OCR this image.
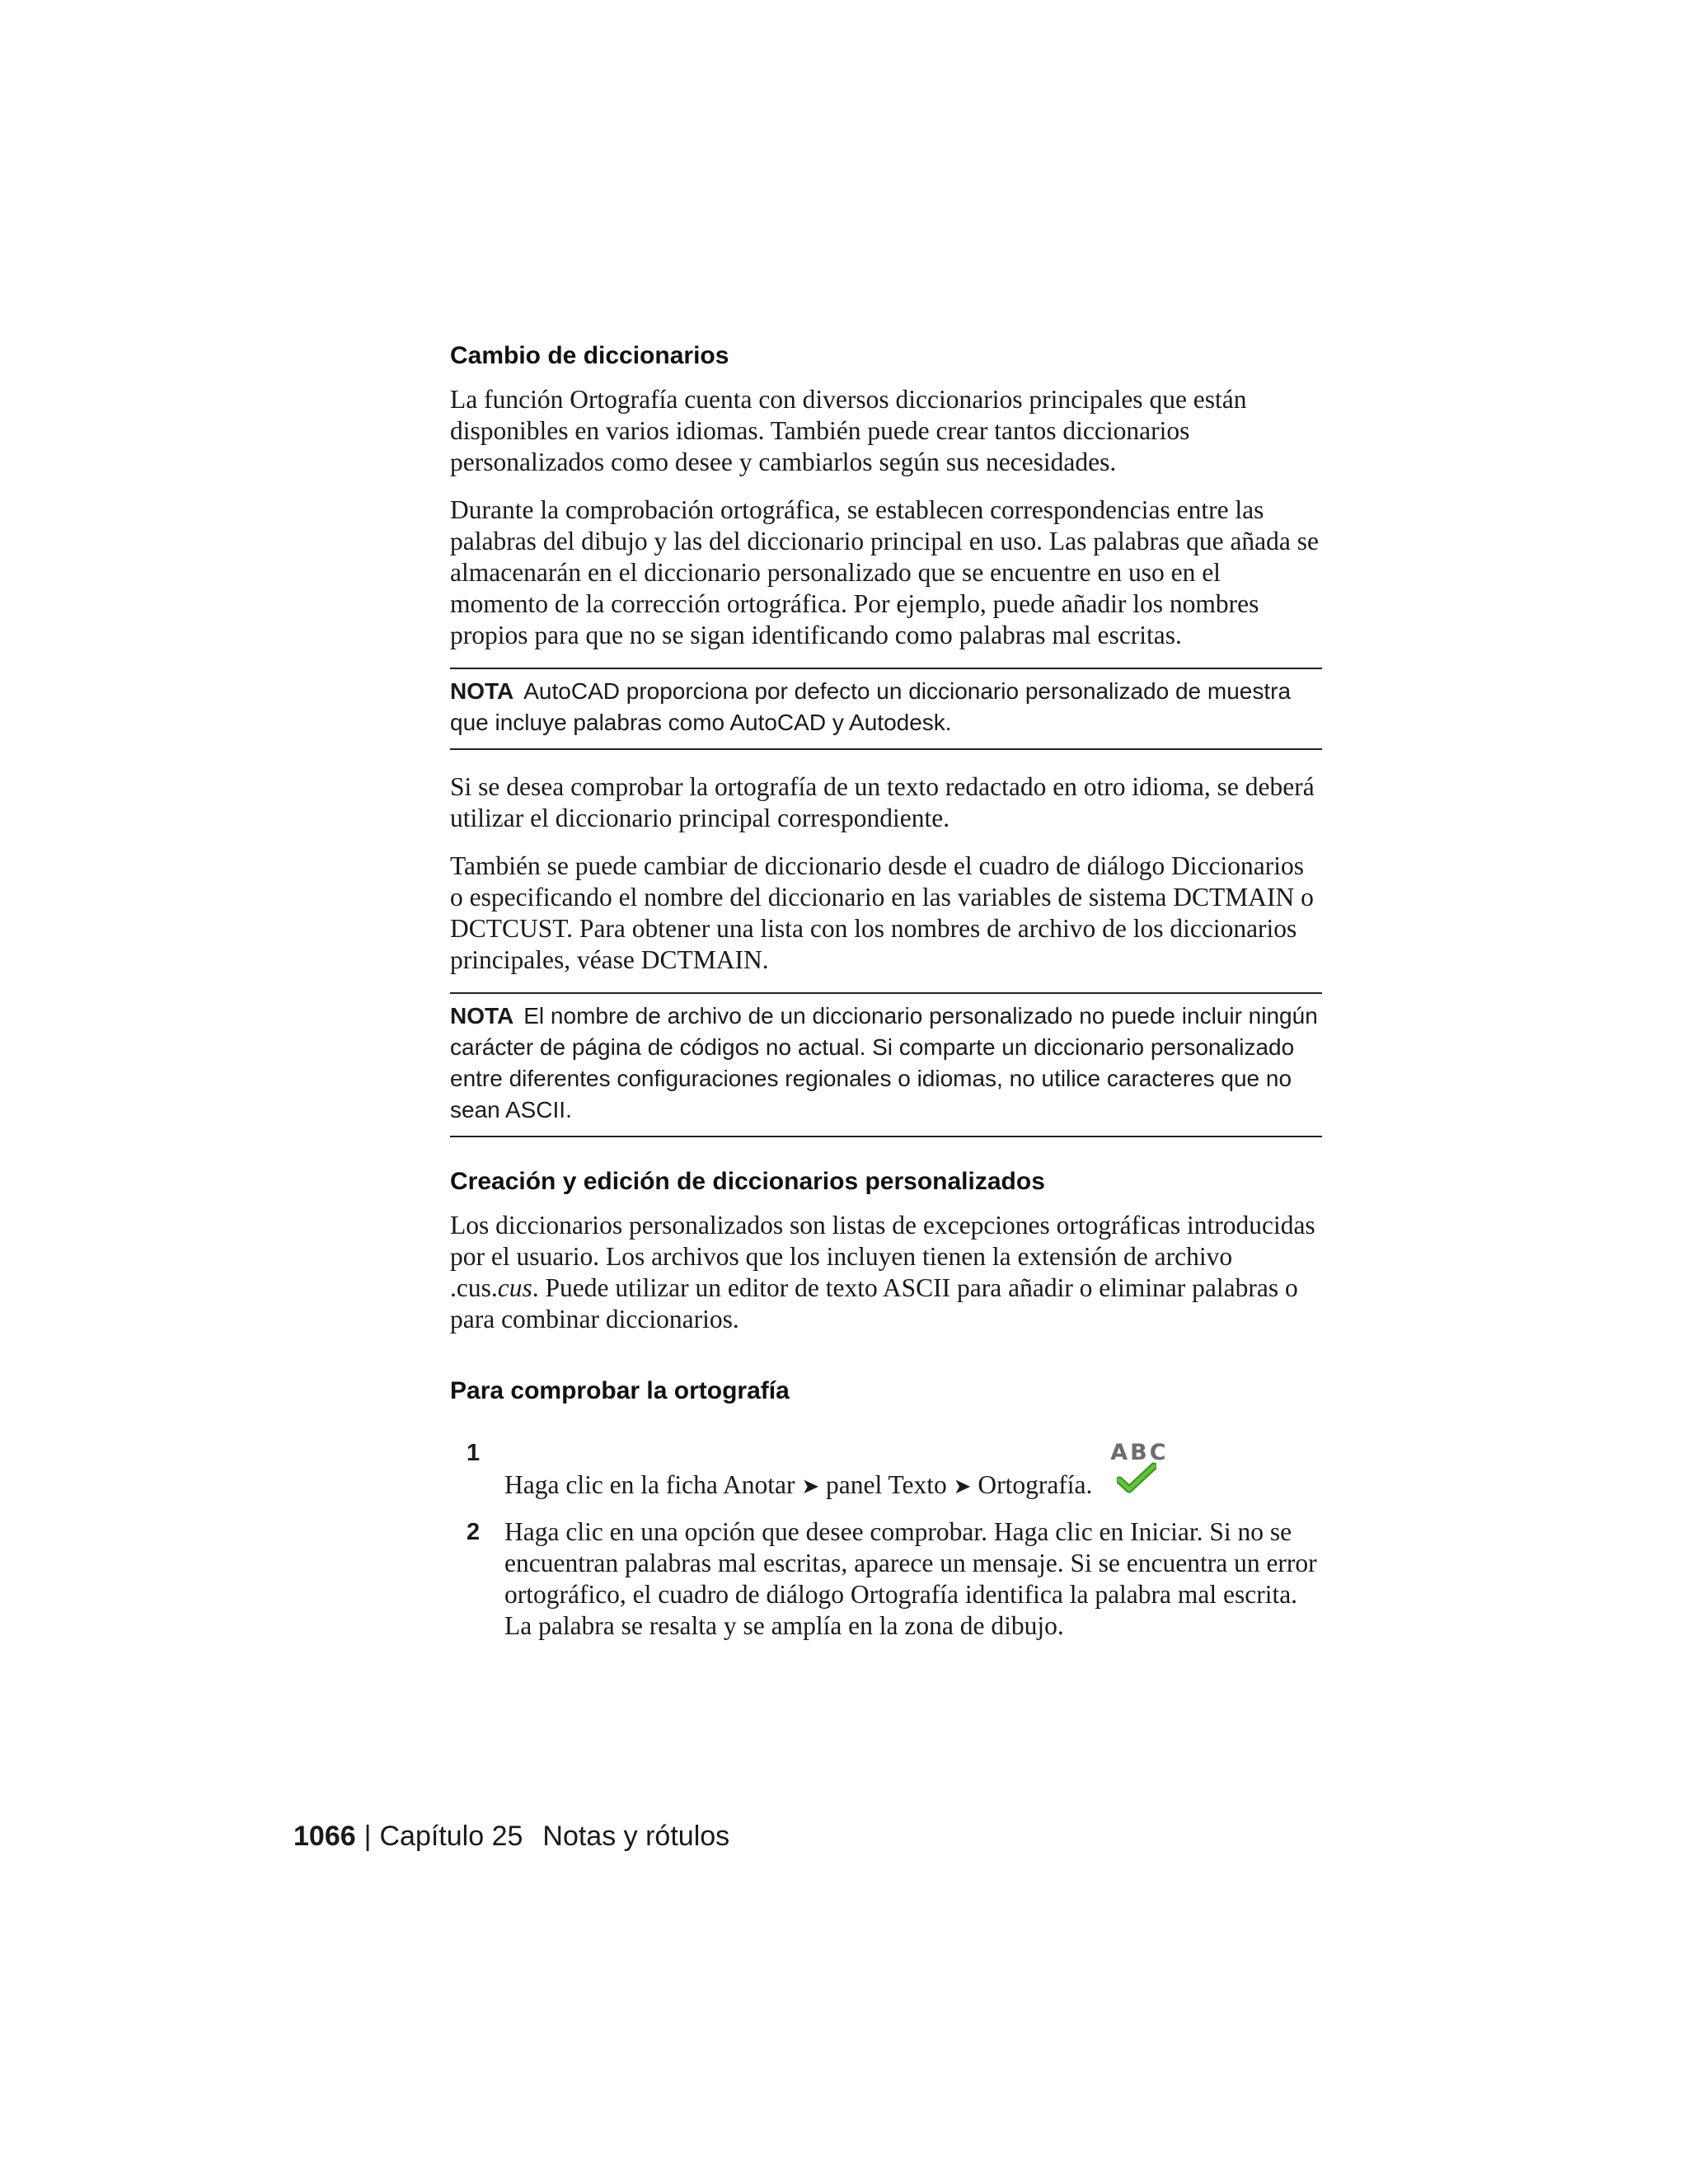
Cambio de diccionarios

La función Ortografía cuenta con diversos diccionarios principales que están disponibles en varios idiomas. También puede crear tantos diccionarios personalizados como desee y cambiarlos según sus necesidades.

Durante la comprobación ortográfica, se establecen correspondencias entre las palabras del dibujo y las del diccionario principal en uso. Las palabras que añada se almacenarán en el diccionario personalizado que se encuentre en uso en el momento de la corrección ortográfica. Por ejemplo, puede añadir los nombres propios para que no se sigan identificando como palabras mal escritas.

NOTA AutoCAD proporciona por defecto un diccionario personalizado de muestra que incluye palabras como AutoCAD y Autodesk.

Si se desea comprobar la ortografía de un texto redactado en otro idioma, se deberá utilizar el diccionario principal correspondiente.

También se puede cambiar de diccionario desde el cuadro de diálogo Diccionarios o especificando el nombre del diccionario en las variables de sistema DCTMAIN o DCTCUST. Para obtener una lista con los nombres de archivo de los diccionarios principales, véase DCTMAIN.

NOTA El nombre de archivo de un diccionario personalizado no puede incluir ningún carácter de página de códigos no actual. Si comparte un diccionario personalizado entre diferentes configuraciones regionales o idiomas, no utilice caracteres que no sean ASCII.
Creación y edición de diccionarios personalizados

Los diccionarios personalizados son listas de excepciones ortográficas introducidas por el usuario. Los archivos que los incluyen tienen la extensión de archivo .cus.cus. Puede utilizar un editor de texto ASCII para añadir o eliminar palabras o para combinar diccionarios.

Para comprobar la ortografía
1
Haga clic en la ficha Anotar ➤ panel Texto ➤ Ortografía.
ABC
2 Haga clic en una opción que desee comprobar. Haga clic en Iniciar. Si no se encuentran palabras mal escritas, aparece un mensaje. Si se encuentra un error ortográfico, el cuadro de diálogo Ortografía identifica la palabra mal escrita. La palabra se resalta y se amplía en la zona de dibujo.
1066 | Capítulo 25 Notas y rótulos
